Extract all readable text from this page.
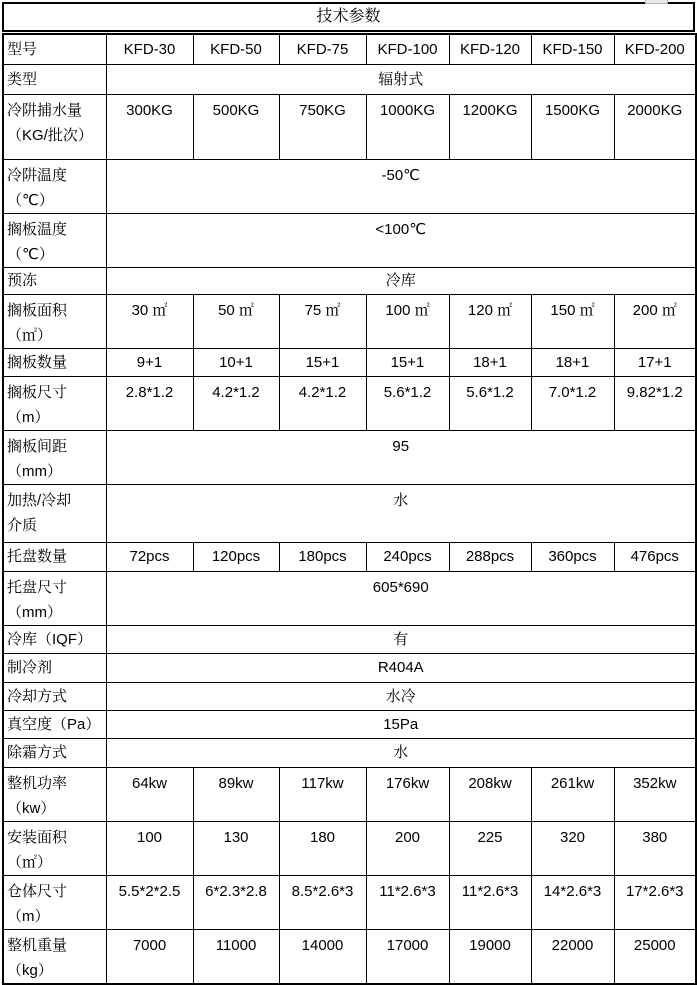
技术参数
型号	KFD-30	KFD-50	KFD-75	KFD-100	KFD-120	KFD-150	KFD-200

类型	辐射式						

冷阱捕水量
（KG/批次）	300KG	500KG	750KG	1000KG	1200KG	1500KG	2000KG

冷阱温度
（℃）	-50℃						

搁板温度
（℃）	<100℃						

预冻	冷库						

搁板面积
（㎡）	30 ㎡	50 ㎡	75 ㎡	100 ㎡	120 ㎡	150 ㎡	200 ㎡

搁板数量	9+1	10+1	15+1	15+1	18+1	18+1	17+1

搁板尺寸
（m）	2.8*1.2	4.2*1.2	4.2*1.2	5.6*1.2	5.6*1.2	7.0*1.2	9.82*1.2

搁板间距
（mm）	95						

加热/冷却
介质	水						

托盘数量	72pcs	120pcs	180pcs	240pcs	288pcs	360pcs	476pcs

托盘尺寸
（mm）	605*690						

冷库（IQF）	有						

制冷剂	R404A						

冷却方式	水冷						

真空度（Pa）	15Pa						

除霜方式	水						

整机功率
（kw）	64kw	89kw	117kw	176kw	208kw	261kw	352kw

安装面积
（㎡）	100	130	180	200	225	320	380

仓体尺寸
（m）	5.5*2*2.5	6*2.3*2.8	8.5*2.6*3	11*2.6*3	11*2.6*3	14*2.6*3	17*2.6*3

整机重量
（kg）	7000	11000	14000	17000	19000	22000	25000
